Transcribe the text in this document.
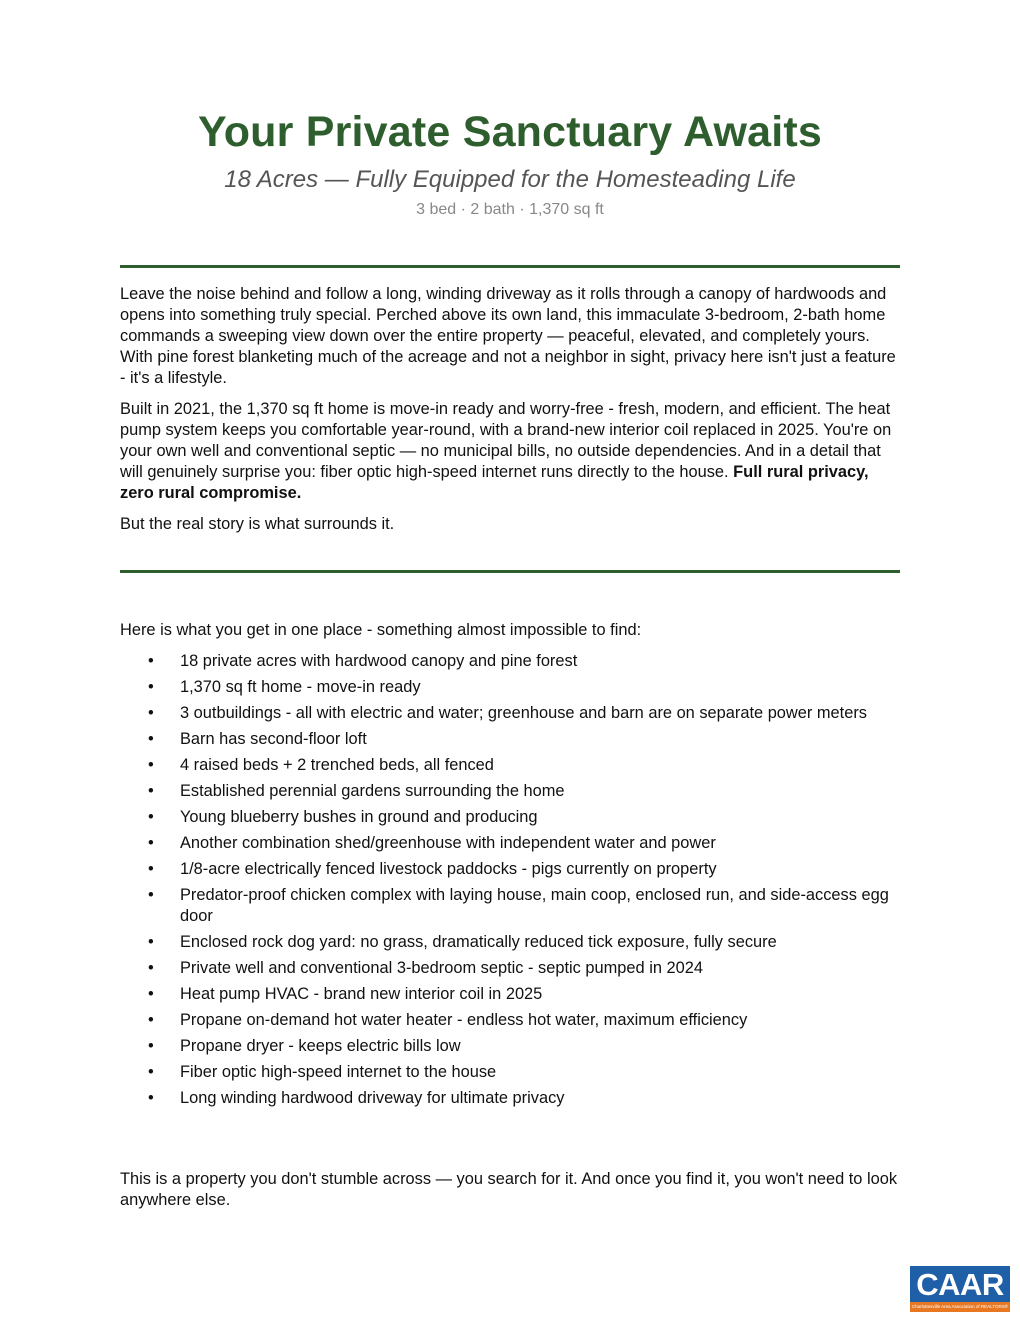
Your Private Sanctuary Awaits
18 Acres — Fully Equipped for the Homesteading Life
3 bed · 2 bath · 1,370 sq ft

Leave the noise behind and follow a long, winding driveway as it rolls through a canopy of hardwoods and opens into something truly special. Perched above its own land, this immaculate 3-bedroom, 2-bath home commands a sweeping view down over the entire property — peaceful, elevated, and completely yours. With pine forest blanketing much of the acreage and not a neighbor in sight, privacy here isn't just a feature - it's a lifestyle.

Built in 2021, the 1,370 sq ft home is move-in ready and worry-free - fresh, modern, and efficient. The heat pump system keeps you comfortable year-round, with a brand-new interior coil replaced in 2025. You're on your own well and conventional septic — no municipal bills, no outside dependencies. And in a detail that will genuinely surprise you: fiber optic high-speed internet runs directly to the house. Full rural privacy, zero rural compromise.

But the real story is what surrounds it.

Here is what you get in one place - something almost impossible to find:

• 18 private acres with hardwood canopy and pine forest
• 1,370 sq ft home - move-in ready
• 3 outbuildings - all with electric and water; greenhouse and barn are on separate power meters
• Barn has second-floor loft
• 4 raised beds + 2 trenched beds, all fenced
• Established perennial gardens surrounding the home
• Young blueberry bushes in ground and producing
• Another combination shed/greenhouse with independent water and power
• 1/8-acre electrically fenced livestock paddocks - pigs currently on property
• Predator-proof chicken complex with laying house, main coop, enclosed run, and side-access egg door
• Enclosed rock dog yard: no grass, dramatically reduced tick exposure, fully secure
• Private well and conventional 3-bedroom septic - septic pumped in 2024
• Heat pump HVAC - brand new interior coil in 2025
• Propane on-demand hot water heater - endless hot water, maximum efficiency
• Propane dryer - keeps electric bills low
• Fiber optic high-speed internet to the house
• Long winding hardwood driveway for ultimate privacy

This is a property you don't stumble across — you search for it. And once you find it, you won't need to look anywhere else.

CAAR
Charlottesville Area Association of REALTORS®
